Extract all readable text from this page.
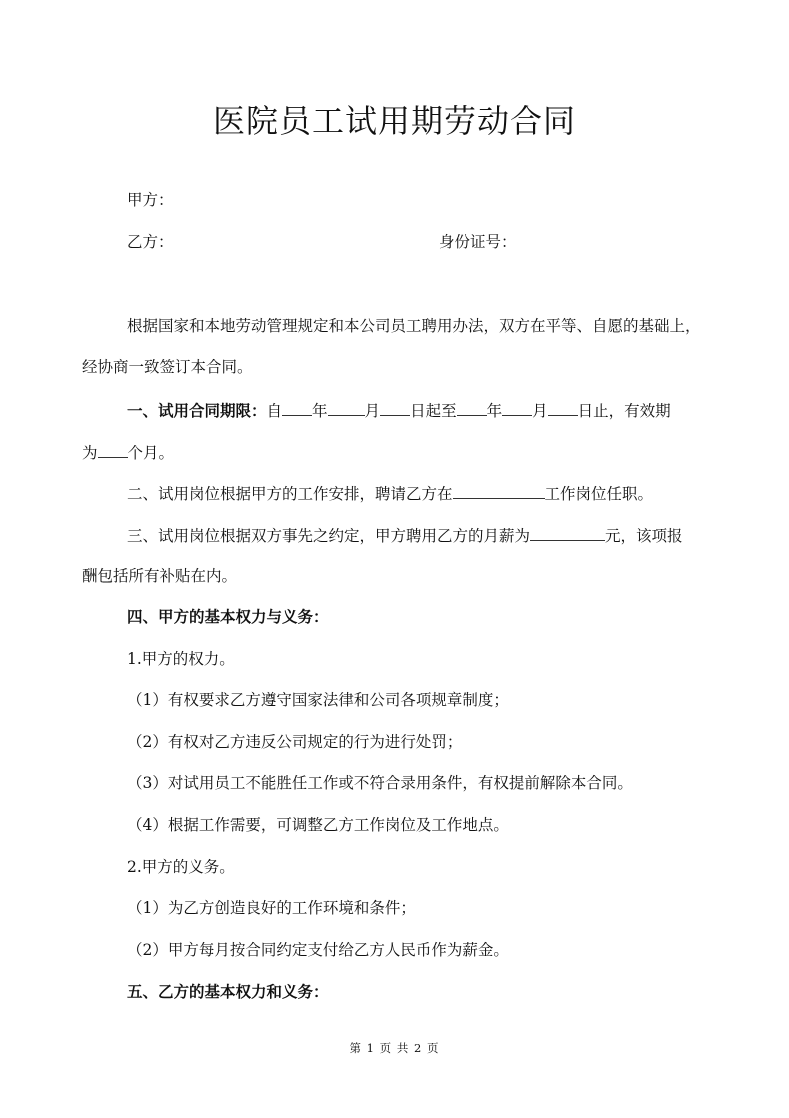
医院员工试用期劳动合同
甲方：
乙方：	身份证号：
根据国家和本地劳动管理规定和本公司员工聘用办法，双方在平等、自愿的基础上，
经协商一致签订本合同。
一、试用合同期限：自 年 月 日起至 年 月 日止，有效期
为 个月。
二、试用岗位根据甲方的工作安排，聘请乙方在	工作岗位任职。
三、试用岗位根据双方事先之约定，甲方聘用乙方的月薪为	元，该项报
酬包括所有补贴在内。
四、甲方的基本权力与义务：
1.甲方的权力。
（1）有权要求乙方遵守国家法律和公司各项规章制度；
（2）有权对乙方违反公司规定的行为进行处罚；
（3）对试用员工不能胜任工作或不符合录用条件，有权提前解除本合同。
（4）根据工作需要，可调整乙方工作岗位及工作地点。
2.甲方的义务。
（1）为乙方创造良好的工作环境和条件；
（2）甲方每月按合同约定支付给乙方人民币作为薪金。
五、乙方的基本权力和义务：
第 1 页 共 2 页
